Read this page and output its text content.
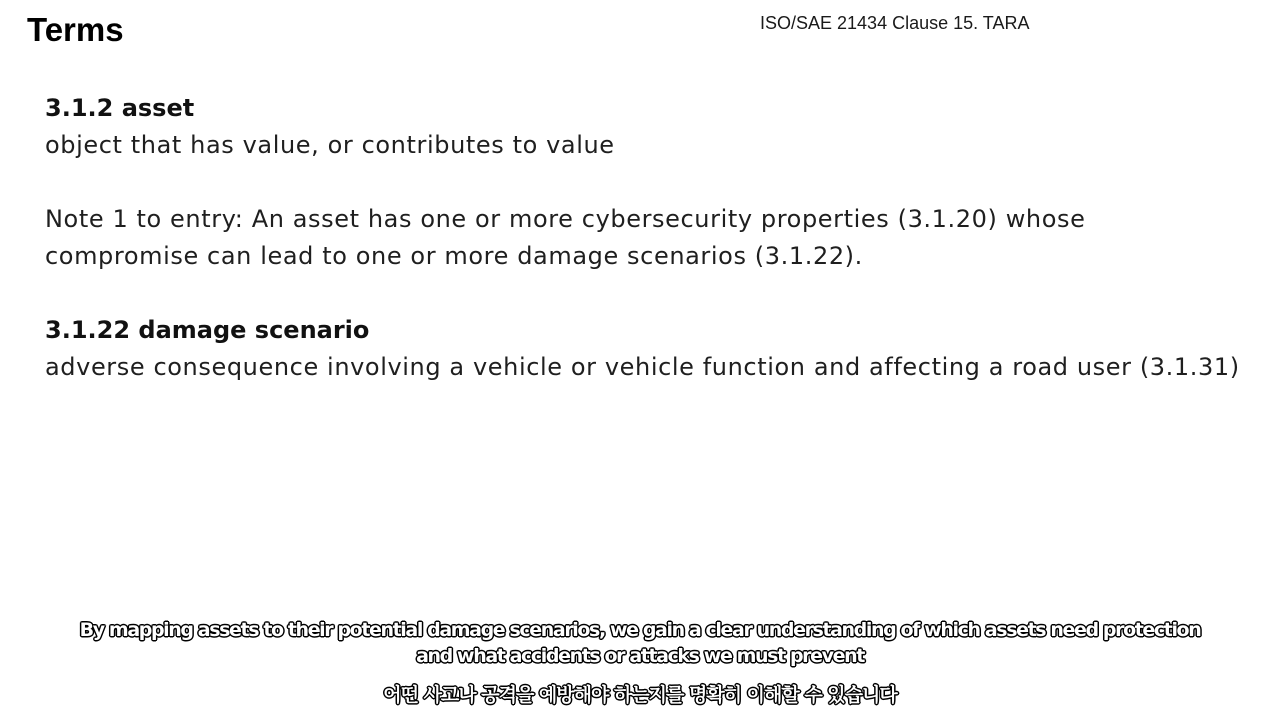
Terms	ISO/SAE 21434 Clause 15. TARA

3.1.2 asset

object that has value, or contributes to value

Note 1 to entry: An asset has one or more cybersecurity properties (3.1.20) whose

compromise can lead to one or more damage scenarios (3.1.22).

3.1.22 damage scenario

adverse consequence involving a vehicle or vehicle function and affecting a road user (3.1.31)

By mapping assets to their potential damage scenarios, we gain a clear understanding of which assets need protection
and what accidents or attacks we must prevent
어떤 사고나 공격을 예방해야 하는지를 명확히 이해할 수 있습니다
